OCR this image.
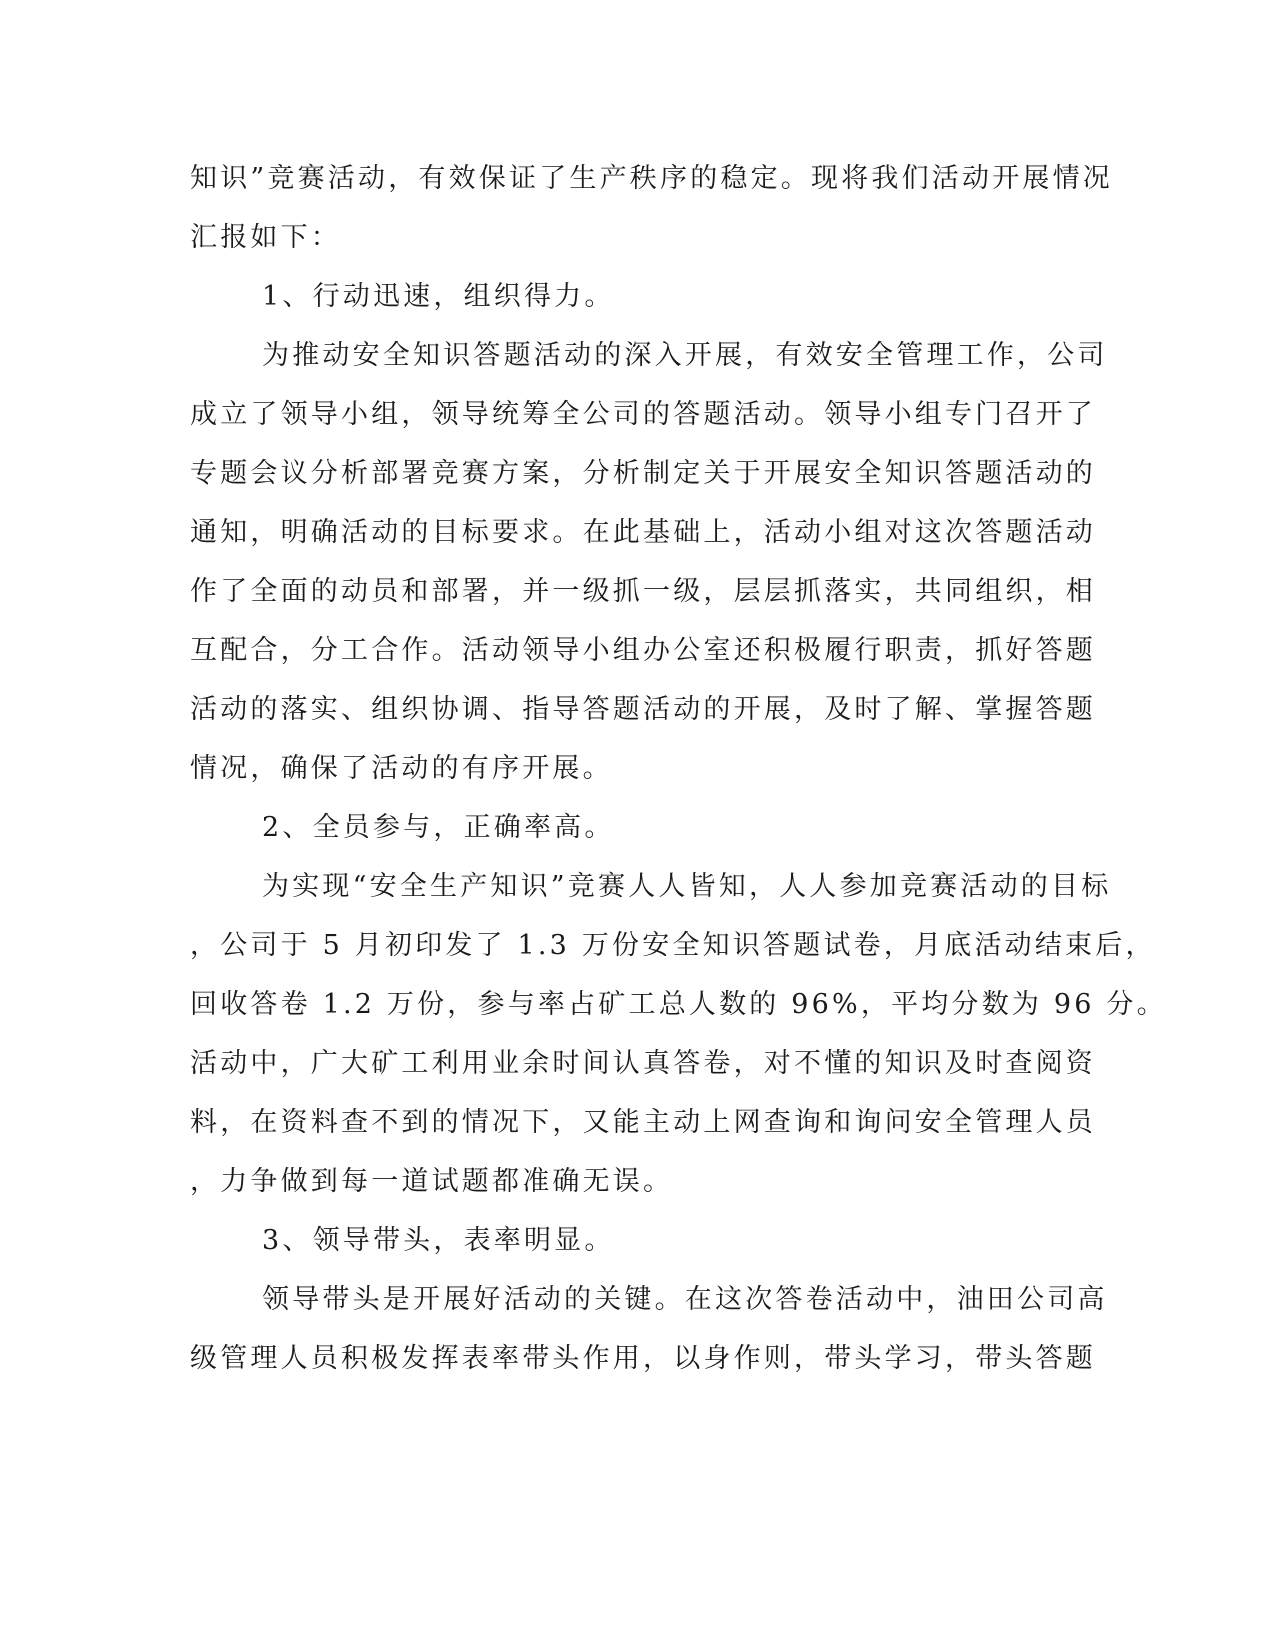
知识”竞赛活动，有效保证了生产秩序的稳定。现将我们活动开展情况
汇报如下：
1、行动迅速，组织得力。
为推动安全知识答题活动的深入开展，有效安全管理工作，公司
成立了领导小组，领导统筹全公司的答题活动。领导小组专门召开了
专题会议分析部署竞赛方案，分析制定关于开展安全知识答题活动的
通知，明确活动的目标要求。在此基础上，活动小组对这次答题活动
作了全面的动员和部署，并一级抓一级，层层抓落实，共同组织，相
互配合，分工合作。活动领导小组办公室还积极履行职责，抓好答题
活动的落实、组织协调、指导答题活动的开展，及时了解、掌握答题
情况，确保了活动的有序开展。
2、全员参与，正确率高。
为实现“安全生产知识”竞赛人人皆知，人人参加竞赛活动的目标
，公司于 5 月初印发了 1.3 万份安全知识答题试卷，月底活动结束后，
回收答卷 1.2 万份，参与率占矿工总人数的 96%，平均分数为 96 分。
活动中，广大矿工利用业余时间认真答卷，对不懂的知识及时查阅资
料，在资料查不到的情况下，又能主动上网查询和询问安全管理人员
，力争做到每一道试题都准确无误。
3、领导带头，表率明显。
领导带头是开展好活动的关键。在这次答卷活动中，油田公司高
级管理人员积极发挥表率带头作用，以身作则，带头学习，带头答题
